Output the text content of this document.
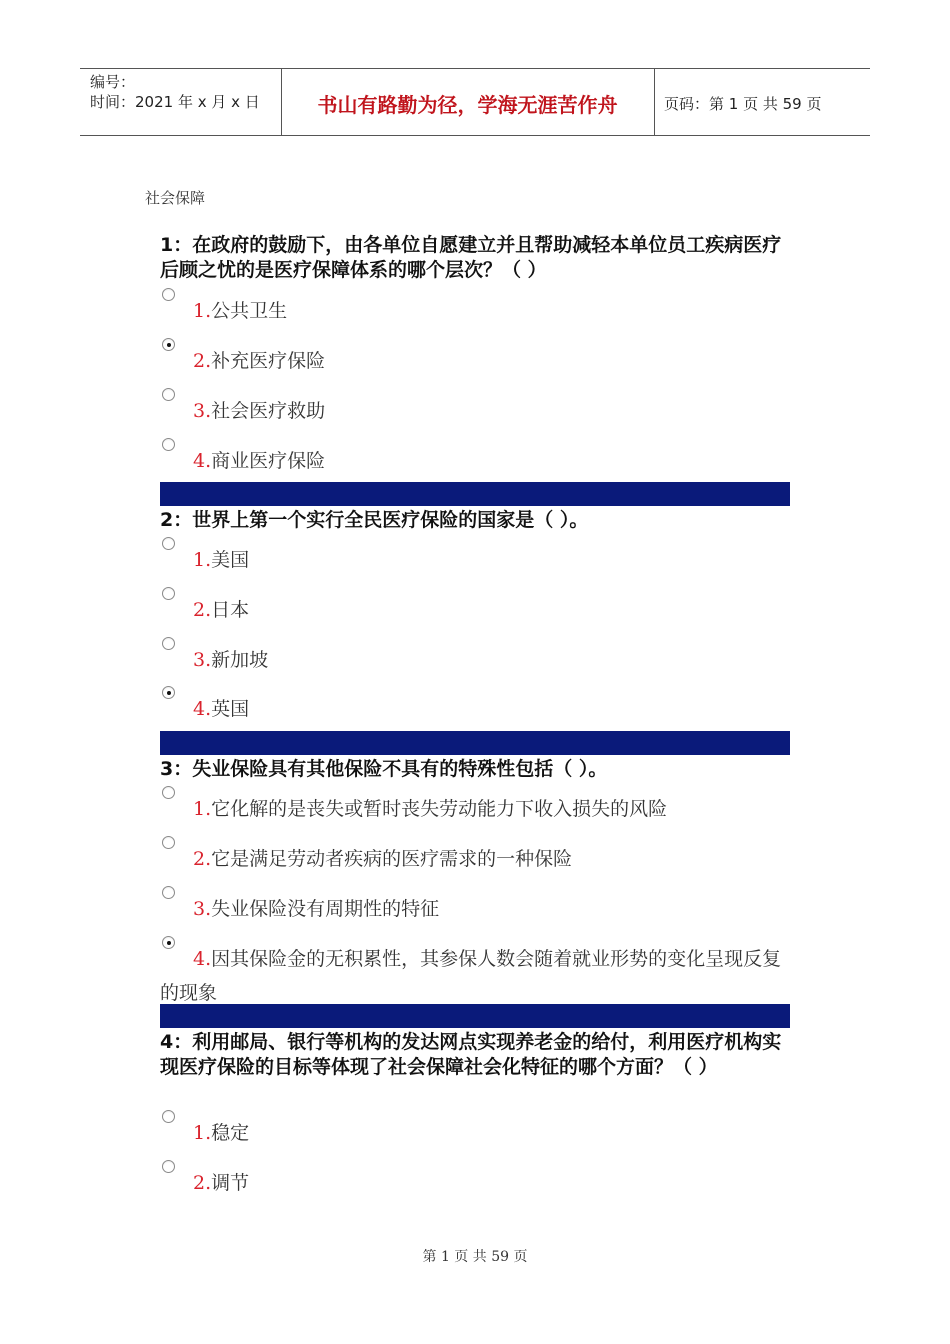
编号：
时间：2021 年 x 月 x 日	书山有路勤为径，学海无涯苦作舟	页码：第 1 页 共 59 页
社会保障
1：在政府的鼓励下，由各单位自愿建立并且帮助减轻本单位员工疾病医疗后顾之忧的是医疗保障体系的哪个层次？（ ）
1.公共卫生
2.补充医疗保险
3.社会医疗救助
4.商业医疗保险
2：世界上第一个实行全民医疗保险的国家是（ ）。
1.美国
2.日本
3.新加坡
4.英国
3：失业保险具有其他保险不具有的特殊性包括（ ）。
1.它化解的是丧失或暂时丧失劳动能力下收入损失的风险
2.它是满足劳动者疾病的医疗需求的一种保险
3.失业保险没有周期性的特征
4.因其保险金的无积累性，其参保人数会随着就业形势的变化呈现反复的现象
4：利用邮局、银行等机构的发达网点实现养老金的给付，利用医疗机构实现医疗保险的目标等体现了社会保障社会化特征的哪个方面？（ ）
1.稳定
2.调节
第 1 页 共 59 页
